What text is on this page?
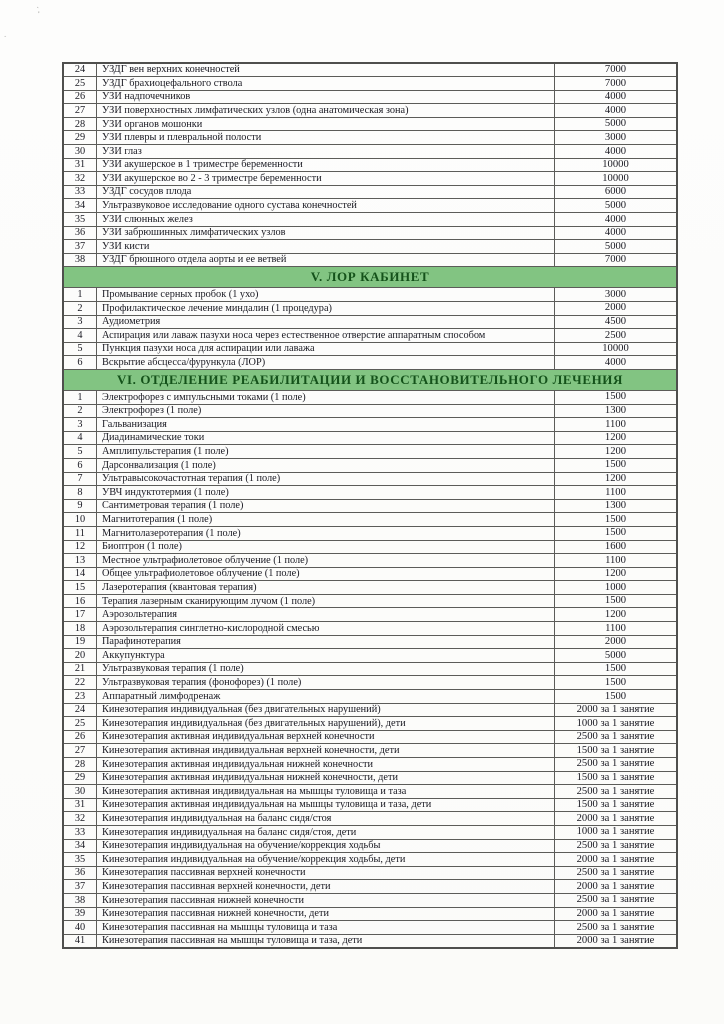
`,
`
24	УЗДГ вен верхних конечностей	7000
25	УЗДГ брахиоцефального ствола	7000
26	УЗИ надпочечников	4000
27	УЗИ поверхностных лимфатических узлов (одна анатомическая зона)	4000
28	УЗИ органов мошонки	5000
29	УЗИ плевры и плевральной полости	3000
30	УЗИ глаз	4000
31	УЗИ акушерское в 1 триместре беременности	10000
32	УЗИ акушерское во 2 - 3 триместре беременности	10000
33	УЗДГ сосудов плода	6000
34	Ультразвуковое исследование одного сустава конечностей	5000
35	УЗИ слюнных желез	4000
36	УЗИ забрюшинных лимфатических узлов	4000
37	УЗИ кисти	5000
38	УЗДГ брюшного отдела аорты и ее ветвей	7000
V. ЛОР КАБИНЕТ		
1	Промывание серных пробок (1 ухо)	3000
2	Профилактическое лечение миндалин (1 процедура)	2000
3	Аудиометрия	4500
4	Аспирация или лаваж пазухи носа через естественное отверстие аппаратным способом	2500
5	Пункция пазухи носа для аспирации или лаважа	10000
6	Вскрытие абсцесса/фурункула (ЛОР)	4000
VI. ОТДЕЛЕНИЕ РЕАБИЛИТАЦИИ И ВОССТАНОВИТЕЛЬНОГО ЛЕЧЕНИЯ		
1	Электрофорез с импульсными токами (1 поле)	1500
2	Электрофорез (1 поле)	1300
3	Гальванизация	1100
4	Диадинамические токи	1200
5	Амплипульстерапия (1 поле)	1200
6	Дарсонвализация (1 поле)	1500
7	Ультравысокочастотная терапия (1 поле)	1200
8	УВЧ индуктотермия (1 поле)	1100
9	Сантиметровая терапия (1 поле)	1300
10	Магнитотерапия (1 поле)	1500
11	Магнитолазеротерапия (1 поле)	1500
12	Биоптрон (1 поле)	1600
13	Местное ультрафиолетовое облучение (1 поле)	1100
14	Общее ультрафиолетовое облучение (1 поле)	1200
15	Лазеротерапия (квантовая терапия)	1000
16	Терапия лазерным сканирующим лучом (1 поле)	1500
17	Аэрозольтерапия	1200
18	Аэрозольтерапия синглетно-кислородной смесью	1100
19	Парафинотерапия	2000
20	Аккупунктура	5000
21	Ультразвуковая терапия (1 поле)	1500
22	Ультразвуковая терапия (фонофорез) (1 поле)	1500
23	Аппаратный лимфодренаж	1500
24	Кинезотерапия индивидуальная (без двигательных нарушений)	2000 за 1 занятие
25	Кинезотерапия индивидуальная (без двигательных нарушений), дети	1000 за 1 занятие
26	Кинезотерапия активная индивидуальная верхней конечности	2500 за 1 занятие
27	Кинезотерапия активная индивидуальная верхней конечности, дети	1500 за 1 занятие
28	Кинезотерапия активная индивидуальная нижней конечности	2500 за 1 занятие
29	Кинезотерапия активная индивидуальная нижней конечности, дети	1500 за 1 занятие
30	Кинезотерапия активная индивидуальная на мышцы туловища и таза	2500 за 1 занятие
31	Кинезотерапия активная индивидуальная на мышцы туловища и таза, дети	1500 за 1 занятие
32	Кинезотерапия индивидуальная на баланс сидя/стоя	2000 за 1 занятие
33	Кинезотерапия индивидуальная на баланс сидя/стоя, дети	1000 за 1 занятие
34	Кинезотерапия индивидуальная на обучение/коррекция ходьбы	2500 за 1 занятие
35	Кинезотерапия индивидуальная на обучение/коррекция ходьбы, дети	2000 за 1 занятие
36	Кинезотерапия пассивная верхней конечности	2500 за 1 занятие
37	Кинезотерапия пассивная верхней конечности, дети	2000 за 1 занятие
38	Кинезотерапия пассивная нижней конечности	2500 за 1 занятие
39	Кинезотерапия пассивная нижней конечности, дети	2000 за 1 занятие
40	Кинезотерапия пассивная на мышцы туловища и таза	2500 за 1 занятие
41	Кинезотерапия пассивная на мышцы туловища и таза, дети	2000 за 1 занятие
